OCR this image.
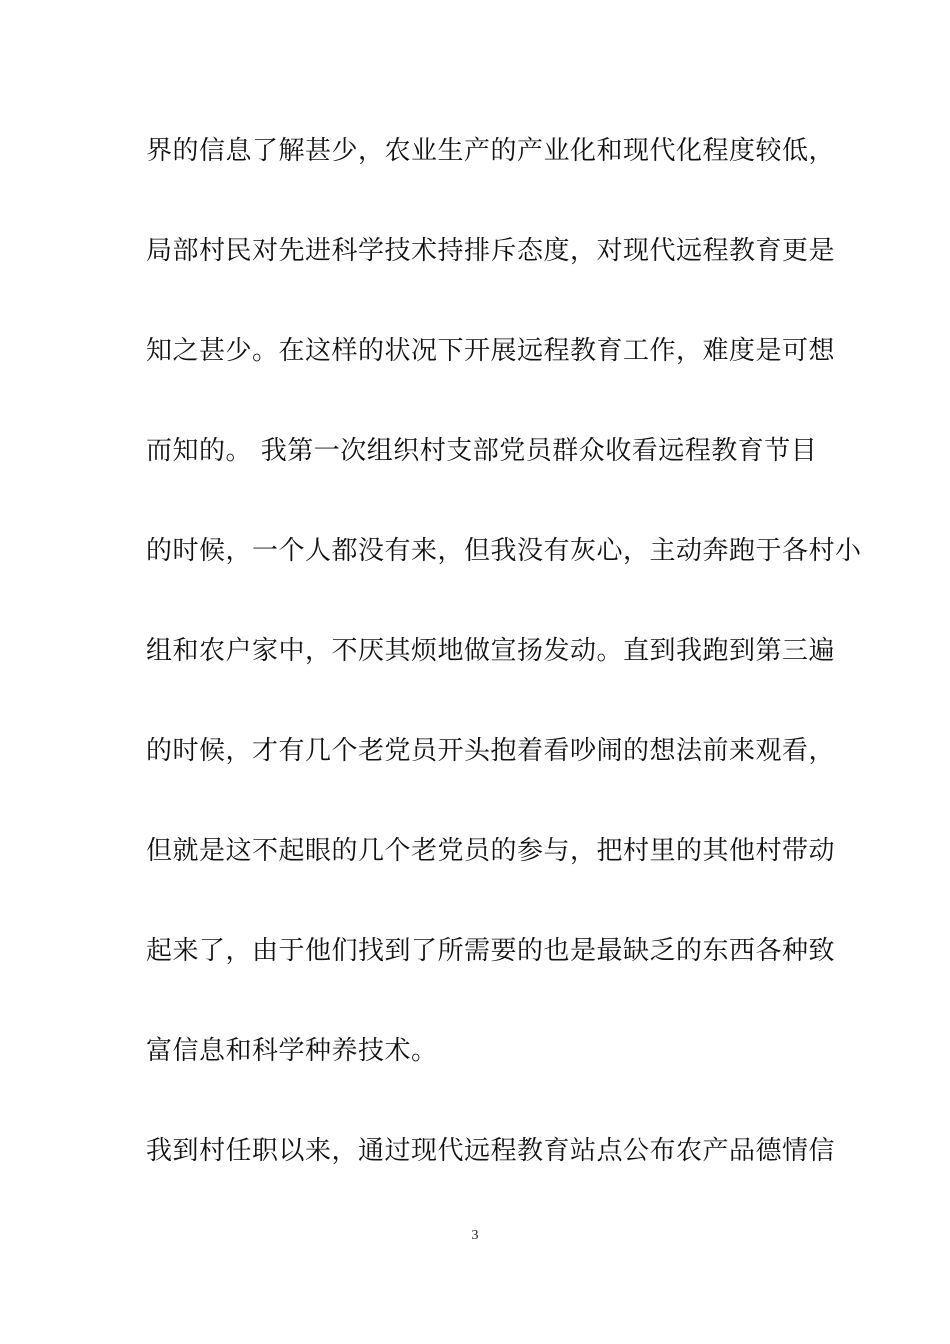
界的信息了解甚少，农业生产的产业化和现代化程度较低，
局部村民对先进科学技术持排斥态度，对现代远程教育更是
知之甚少。在这样的状况下开展远程教育工作，难度是可想
而知的。 我第一次组织村支部党员群众收看远程教育节目
的时候，一个人都没有来，但我没有灰心，主动奔跑于各村小
组和农户家中，不厌其烦地做宣扬发动。直到我跑到第三遍
的时候，才有几个老党员开头抱着看吵闹的想法前来观看，
但就是这不起眼的几个老党员的参与，把村里的其他村带动
起来了，由于他们找到了所需要的也是最缺乏的东西各种致
富信息和科学种养技术。
我到村任职以来，通过现代远程教育站点公布农产品德情信
3
